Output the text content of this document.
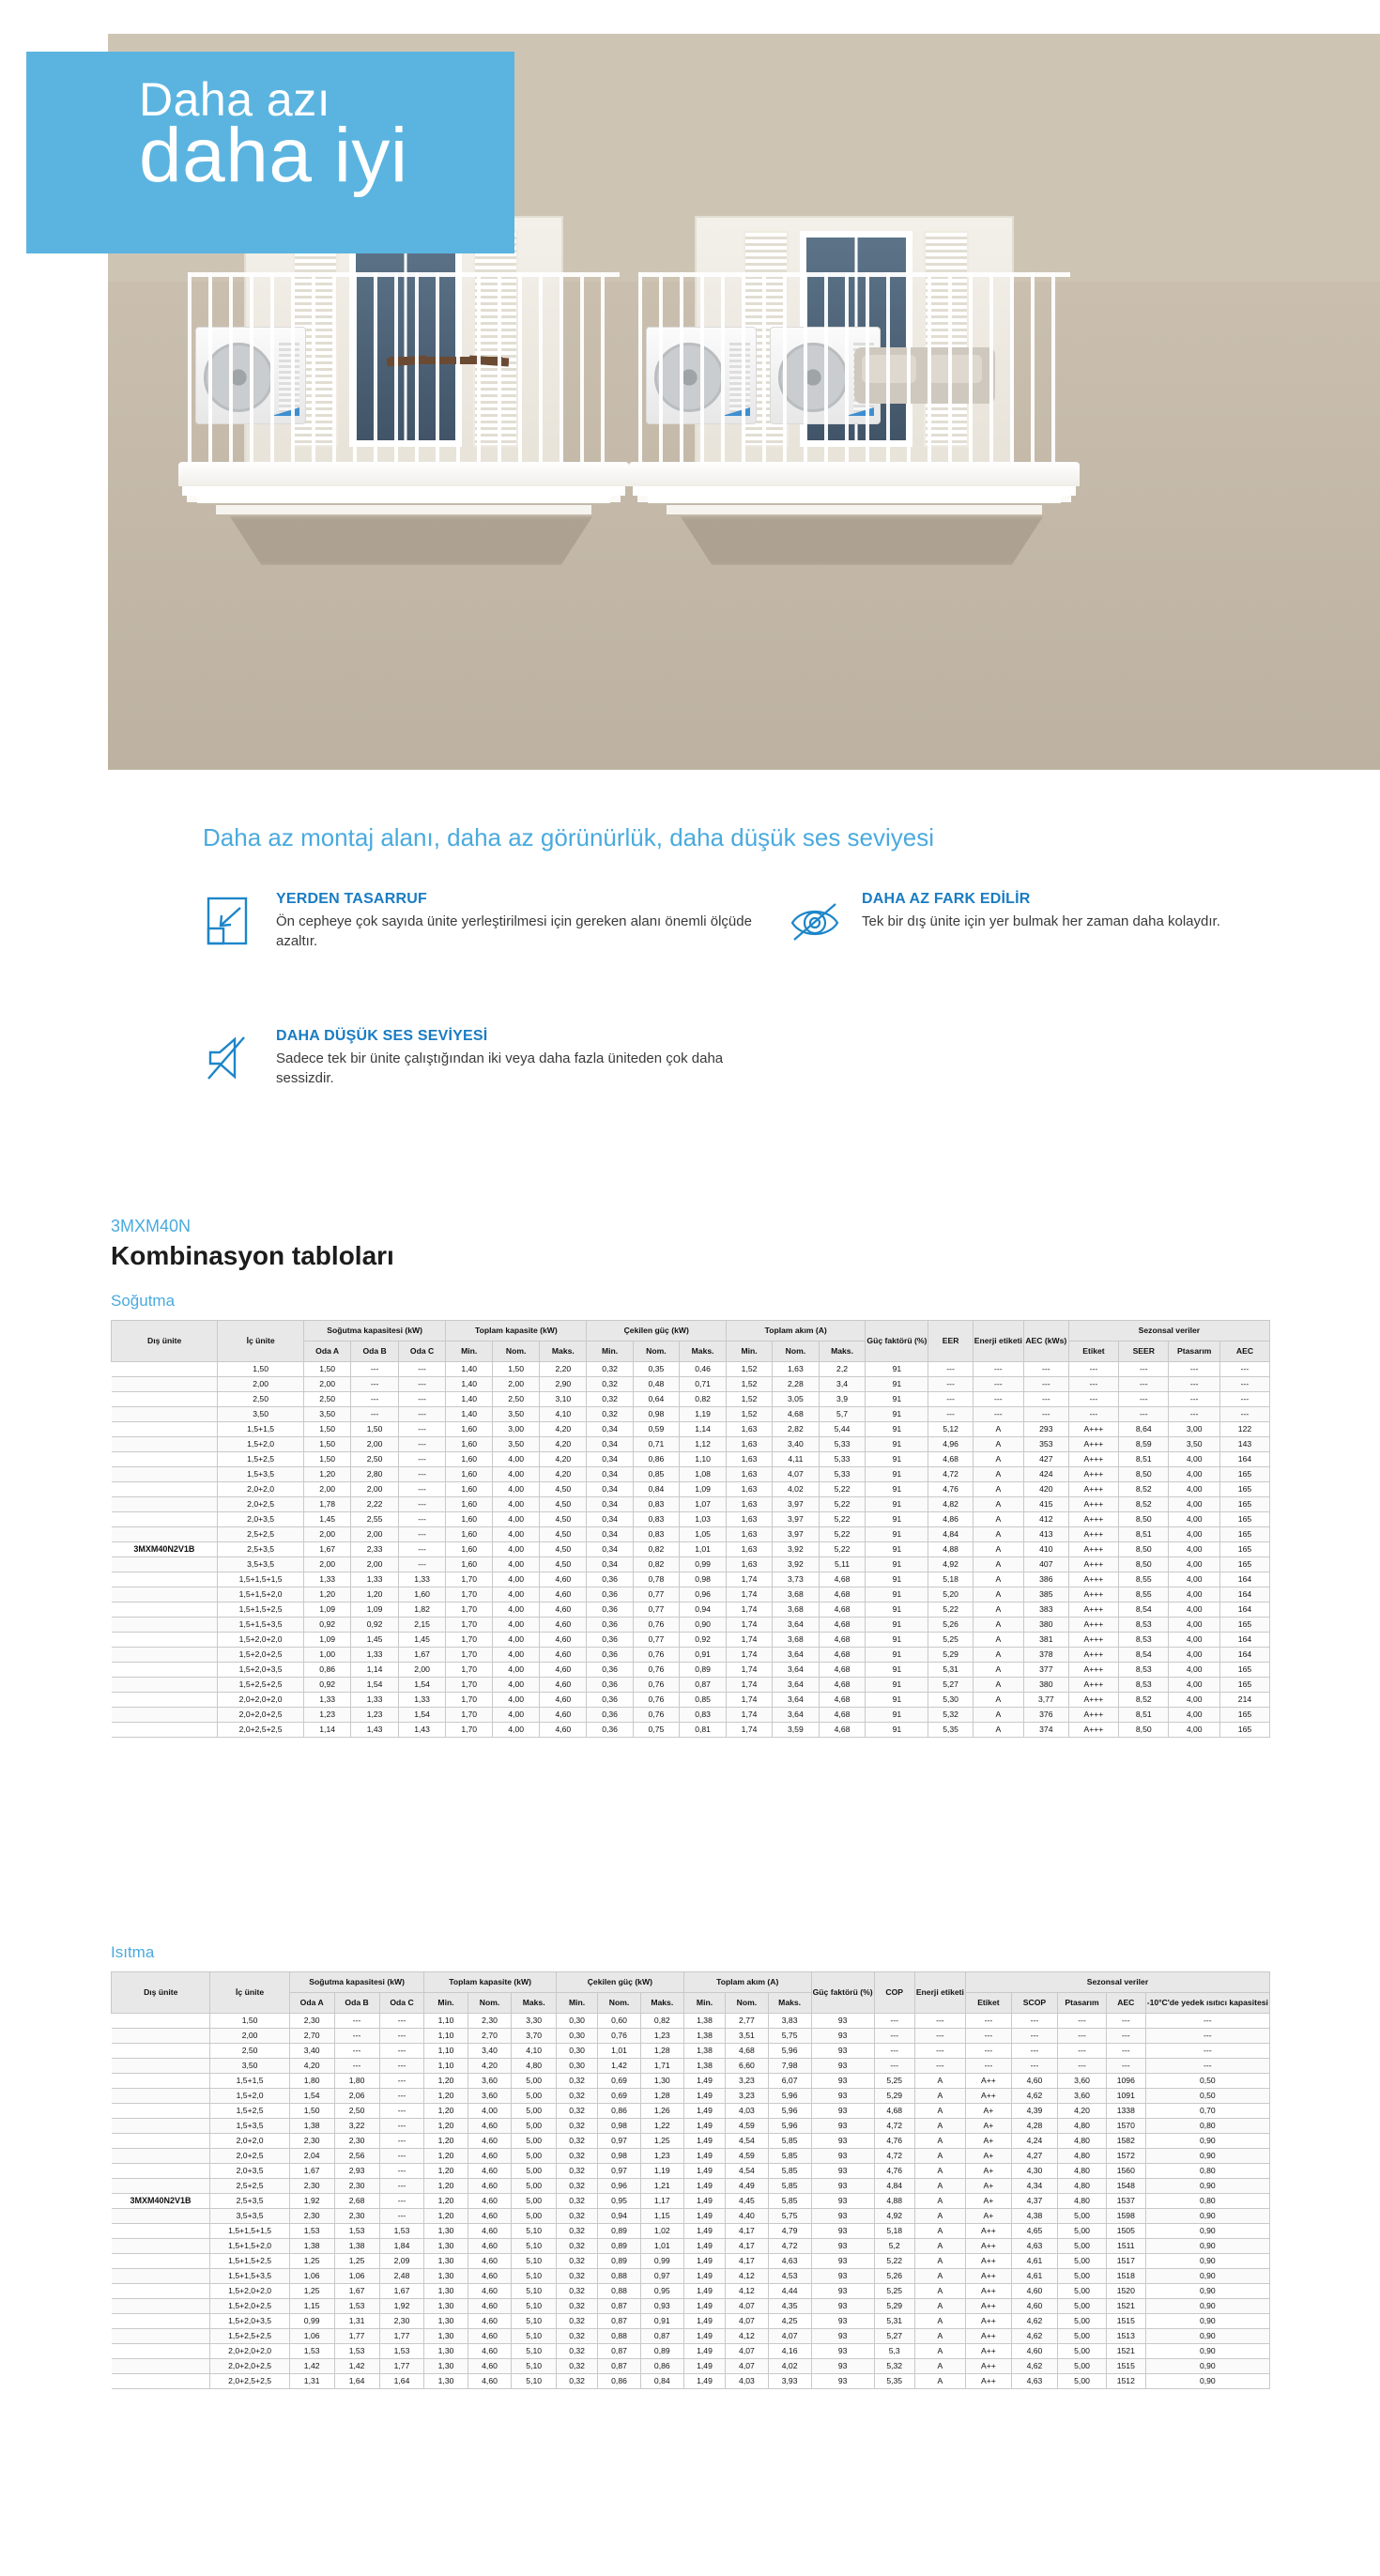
Daha azı
daha iyi
Daha az montaj alanı, daha az görünürlük, daha düşük ses seviyesi

YERDEN TASARRUF

Ön cepheye çok sayıda ünite yerleştirilmesi için gereken alanı önemli ölçüde azaltır.

DAHA AZ FARK EDİLİR

Tek bir dış ünite için yer bulmak her zaman daha kolaydır.

DAHA DÜŞÜK SES SEVİYESİ

Sadece tek bir ünite çalıştığından iki veya daha fazla üniteden çok daha sessizdir.

3MXM40N
Kombinasyon tabloları
Soğutma
Isıtma
Dış ünite	İç ünite	Soğutma kapasitesi (kW)			Toplam kapasite (kW)			Çekilen güç (kW)			Toplam akım (A)			Güç faktörü (%)	EER	Enerji etiketi	AEC (kWs)	Sezonsal veriler			
		Oda A	Oda B	Oda C	Min.	Nom.	Maks.	Min.	Nom.	Maks.	Min.	Nom.	Maks.					Etiket	SEER	Ptasarım	AEC
	1,50	1,50	---	---	1,40	1,50	2,20	0,32	0,35	0,46	1,52	1,63	2,2	91	---	---	---	---	---	---	---
	2,00	2,00	---	---	1,40	2,00	2,90	0,32	0,48	0,71	1,52	2,28	3,4	91	---	---	---	---	---	---	---
	2,50	2,50	---	---	1,40	2,50	3,10	0,32	0,64	0,82	1,52	3,05	3,9	91	---	---	---	---	---	---	---
	3,50	3,50	---	---	1,40	3,50	4,10	0,32	0,98	1,19	1,52	4,68	5,7	91	---	---	---	---	---	---	---
	1,5+1,5	1,50	1,50	---	1,60	3,00	4,20	0,34	0,59	1,14	1,63	2,82	5,44	91	5,12	A	293	A+++	8,64	3,00	122
	1,5+2,0	1,50	2,00	---	1,60	3,50	4,20	0,34	0,71	1,12	1,63	3,40	5,33	91	4,96	A	353	A+++	8,59	3,50	143
	1,5+2,5	1,50	2,50	---	1,60	4,00	4,20	0,34	0,86	1,10	1,63	4,11	5,33	91	4,68	A	427	A+++	8,51	4,00	164
	1,5+3,5	1,20	2,80	---	1,60	4,00	4,20	0,34	0,85	1,08	1,63	4,07	5,33	91	4,72	A	424	A+++	8,50	4,00	165
	2,0+2,0	2,00	2,00	---	1,60	4,00	4,50	0,34	0,84	1,09	1,63	4,02	5,22	91	4,76	A	420	A+++	8,52	4,00	165
	2,0+2,5	1,78	2,22	---	1,60	4,00	4,50	0,34	0,83	1,07	1,63	3,97	5,22	91	4,82	A	415	A+++	8,52	4,00	165
	2,0+3,5	1,45	2,55	---	1,60	4,00	4,50	0,34	0,83	1,03	1,63	3,97	5,22	91	4,86	A	412	A+++	8,50	4,00	165
	2,5+2,5	2,00	2,00	---	1,60	4,00	4,50	0,34	0,83	1,05	1,63	3,97	5,22	91	4,84	A	413	A+++	8,51	4,00	165
3MXM40N2V1B	2,5+3,5	1,67	2,33	---	1,60	4,00	4,50	0,34	0,82	1,01	1,63	3,92	5,22	91	4,88	A	410	A+++	8,50	4,00	165
	3,5+3,5	2,00	2,00	---	1,60	4,00	4,50	0,34	0,82	0,99	1,63	3,92	5,11	91	4,92	A	407	A+++	8,50	4,00	165
	1,5+1,5+1,5	1,33	1,33	1,33	1,70	4,00	4,60	0,36	0,78	0,98	1,74	3,73	4,68	91	5,18	A	386	A+++	8,55	4,00	164
	1,5+1,5+2,0	1,20	1,20	1,60	1,70	4,00	4,60	0,36	0,77	0,96	1,74	3,68	4,68	91	5,20	A	385	A+++	8,55	4,00	164
	1,5+1,5+2,5	1,09	1,09	1,82	1,70	4,00	4,60	0,36	0,77	0,94	1,74	3,68	4,68	91	5,22	A	383	A+++	8,54	4,00	164
	1,5+1,5+3,5	0,92	0,92	2,15	1,70	4,00	4,60	0,36	0,76	0,90	1,74	3,64	4,68	91	5,26	A	380	A+++	8,53	4,00	165
	1,5+2,0+2,0	1,09	1,45	1,45	1,70	4,00	4,60	0,36	0,77	0,92	1,74	3,68	4,68	91	5,25	A	381	A+++	8,53	4,00	164
	1,5+2,0+2,5	1,00	1,33	1,67	1,70	4,00	4,60	0,36	0,76	0,91	1,74	3,64	4,68	91	5,29	A	378	A+++	8,54	4,00	164
	1,5+2,0+3,5	0,86	1,14	2,00	1,70	4,00	4,60	0,36	0,76	0,89	1,74	3,64	4,68	91	5,31	A	377	A+++	8,53	4,00	165
	1,5+2,5+2,5	0,92	1,54	1,54	1,70	4,00	4,60	0,36	0,76	0,87	1,74	3,64	4,68	91	5,27	A	380	A+++	8,53	4,00	165
	2,0+2,0+2,0	1,33	1,33	1,33	1,70	4,00	4,60	0,36	0,76	0,85	1,74	3,64	4,68	91	5,30	A	3,77	A+++	8,52	4,00	214
	2,0+2,0+2,5	1,23	1,23	1,54	1,70	4,00	4,60	0,36	0,76	0,83	1,74	3,64	4,68	91	5,32	A	376	A+++	8,51	4,00	165
	2,0+2,5+2,5	1,14	1,43	1,43	1,70	4,00	4,60	0,36	0,75	0,81	1,74	3,59	4,68	91	5,35	A	374	A+++	8,50	4,00	165
Dış ünite	İç ünite	Soğutma kapasitesi (kW)			Toplam kapasite (kW)			Çekilen güç (kW)			Toplam akım (A)			Güç faktörü (%)	COP	Enerji etiketi	Sezonsal veriler				
		Oda A	Oda B	Oda C	Min.	Nom.	Maks.	Min.	Nom.	Maks.	Min.	Nom.	Maks.				Etiket	SCOP	Ptasarım	AEC	-10°C'de yedek ısıtıcı kapasitesi
	1,50	2,30	---	---	1,10	2,30	3,30	0,30	0,60	0,82	1,38	2,77	3,83	93	---	---	---	---	---	---	---
	2,00	2,70	---	---	1,10	2,70	3,70	0,30	0,76	1,23	1,38	3,51	5,75	93	---	---	---	---	---	---	---
	2,50	3,40	---	---	1,10	3,40	4,10	0,30	1,01	1,28	1,38	4,68	5,96	93	---	---	---	---	---	---	---
	3,50	4,20	---	---	1,10	4,20	4,80	0,30	1,42	1,71	1,38	6,60	7,98	93	---	---	---	---	---	---	---
	1,5+1,5	1,80	1,80	---	1,20	3,60	5,00	0,32	0,69	1,30	1,49	3,23	6,07	93	5,25	A	A++	4,60	3,60	1096	0,50
	1,5+2,0	1,54	2,06	---	1,20	3,60	5,00	0,32	0,69	1,28	1,49	3,23	5,96	93	5,29	A	A++	4,62	3,60	1091	0,50
	1,5+2,5	1,50	2,50	---	1,20	4,00	5,00	0,32	0,86	1,26	1,49	4,03	5,96	93	4,68	A	A+	4,39	4,20	1338	0,70
	1,5+3,5	1,38	3,22	---	1,20	4,60	5,00	0,32	0,98	1,22	1,49	4,59	5,96	93	4,72	A	A+	4,28	4,80	1570	0,80
	2,0+2,0	2,30	2,30	---	1,20	4,60	5,00	0,32	0,97	1,25	1,49	4,54	5,85	93	4,76	A	A+	4,24	4,80	1582	0,90
	2,0+2,5	2,04	2,56	---	1,20	4,60	5,00	0,32	0,98	1,23	1,49	4,59	5,85	93	4,72	A	A+	4,27	4,80	1572	0,90
	2,0+3,5	1,67	2,93	---	1,20	4,60	5,00	0,32	0,97	1,19	1,49	4,54	5,85	93	4,76	A	A+	4,30	4,80	1560	0,80
	2,5+2,5	2,30	2,30	---	1,20	4,60	5,00	0,32	0,96	1,21	1,49	4,49	5,85	93	4,84	A	A+	4,34	4,80	1548	0,90
3MXM40N2V1B	2,5+3,5	1,92	2,68	---	1,20	4,60	5,00	0,32	0,95	1,17	1,49	4,45	5,85	93	4,88	A	A+	4,37	4,80	1537	0,80
	3,5+3,5	2,30	2,30	---	1,20	4,60	5,00	0,32	0,94	1,15	1,49	4,40	5,75	93	4,92	A	A+	4,38	5,00	1598	0,90
	1,5+1,5+1,5	1,53	1,53	1,53	1,30	4,60	5,10	0,32	0,89	1,02	1,49	4,17	4,79	93	5,18	A	A++	4,65	5,00	1505	0,90
	1,5+1,5+2,0	1,38	1,38	1,84	1,30	4,60	5,10	0,32	0,89	1,01	1,49	4,17	4,72	93	5,2	A	A++	4,63	5,00	1511	0,90
	1,5+1,5+2,5	1,25	1,25	2,09	1,30	4,60	5,10	0,32	0,89	0,99	1,49	4,17	4,63	93	5,22	A	A++	4,61	5,00	1517	0,90
	1,5+1,5+3,5	1,06	1,06	2,48	1,30	4,60	5,10	0,32	0,88	0,97	1,49	4,12	4,53	93	5,26	A	A++	4,61	5,00	1518	0,90
	1,5+2,0+2,0	1,25	1,67	1,67	1,30	4,60	5,10	0,32	0,88	0,95	1,49	4,12	4,44	93	5,25	A	A++	4,60	5,00	1520	0,90
	1,5+2,0+2,5	1,15	1,53	1,92	1,30	4,60	5,10	0,32	0,87	0,93	1,49	4,07	4,35	93	5,29	A	A++	4,60	5,00	1521	0,90
	1,5+2,0+3,5	0,99	1,31	2,30	1,30	4,60	5,10	0,32	0,87	0,91	1,49	4,07	4,25	93	5,31	A	A++	4,62	5,00	1515	0,90
	1,5+2,5+2,5	1,06	1,77	1,77	1,30	4,60	5,10	0,32	0,88	0,87	1,49	4,12	4,07	93	5,27	A	A++	4,62	5,00	1513	0,90
	2,0+2,0+2,0	1,53	1,53	1,53	1,30	4,60	5,10	0,32	0,87	0,89	1,49	4,07	4,16	93	5,3	A	A++	4,60	5,00	1521	0,90
	2,0+2,0+2,5	1,42	1,42	1,77	1,30	4,60	5,10	0,32	0,87	0,86	1,49	4,07	4,02	93	5,32	A	A++	4,62	5,00	1515	0,90
	2,0+2,5+2,5	1,31	1,64	1,64	1,30	4,60	5,10	0,32	0,86	0,84	1,49	4,03	3,93	93	5,35	A	A++	4,63	5,00	1512	0,90
